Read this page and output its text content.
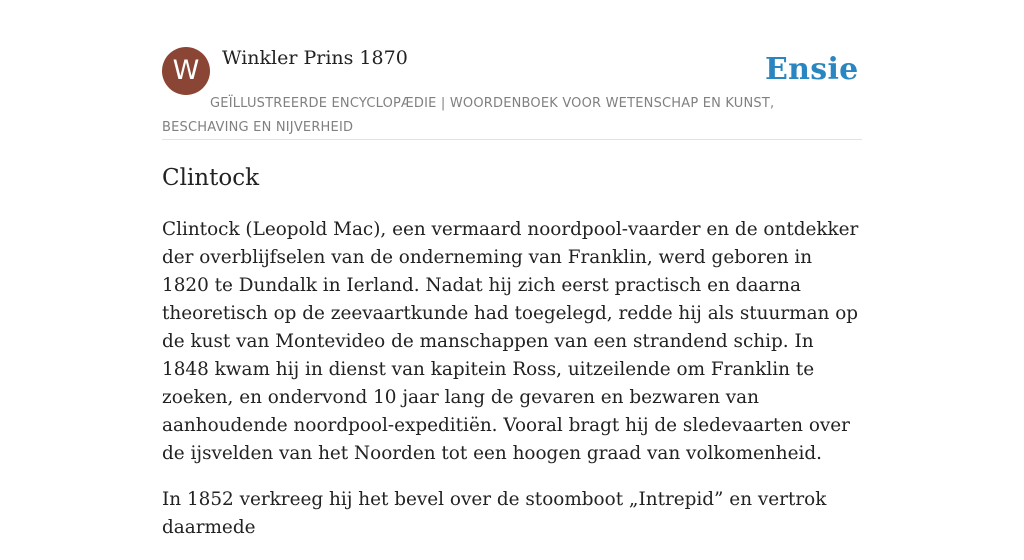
W	Winkler Prins 1870	Ensie
GEÏLLUSTREERDE ENCYCLOPÆDIE | WOORDENBOEK VOOR WETENSCHAP EN KUNST, BESCHAVING EN NIJVERHEID
Clintock

Clintock (Leopold Mac), een vermaard noordpool-vaarder en de ontdekker der overblijfselen van de onderneming van Franklin, werd geboren in 1820 te Dundalk in Ierland. Nadat hij zich eerst practisch en daarna theoretisch op de zeevaartkunde had toegelegd, redde hij als stuurman op de kust van Montevideo de manschappen van een strandend schip. In 1848 kwam hij in dienst van kapitein Ross, uitzeilende om Franklin te zoeken, en ondervond 10 jaar lang de gevaren en bezwaren van aanhoudende noordpool-expeditiën. Vooral bragt hij de sledevaarten over de ijsvelden van het Noorden tot een hoogen graad van volkomenheid.

In 1852 verkreeg hij het bevel over de stoomboot „Intrepid” en vertrok daarmede
